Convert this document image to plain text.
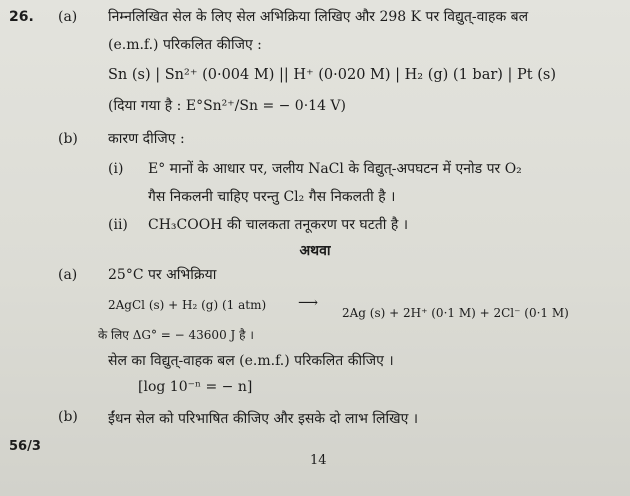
26. (a) निम्नलिखित सेल के लिए सेल अभिक्रिया लिखिए और 298 K पर विद्युत्-वाहक बल
(e.m.f.) परिकलित कीजिए :
Sn (s) | Sn²⁺ (0·004 M) || H⁺ (0·020 M) | H₂ (g) (1 bar) | Pt (s)
(दिया गया है : E°Sn²⁺/Sn = − 0·14 V)
(b) कारण दीजिए :
(i) E° मानों के आधार पर, जलीय NaCl के विद्युत्-अपघटन में एनोड पर O₂
गैस निकलनी चाहिए परन्तु Cl₂ गैस निकलती है ।
(ii) CH₃COOH की चालकता तनूकरण पर घटती है ।
अथवा
(a) 25°C पर अभिक्रिया
2AgCl (s) + H₂ (g) (1 atm) ⟶
2Ag (s) + 2H⁺ (0·1 M) + 2Cl⁻ (0·1 M)
के लिए ΔG° = − 43600 J है ।
सेल का विद्युत्-वाहक बल (e.m.f.) परिकलित कीजिए ।
[log 10⁻ⁿ = − n]
(b) ईंधन सेल को परिभाषित कीजिए और इसके दो लाभ लिखिए ।
56/3
14
